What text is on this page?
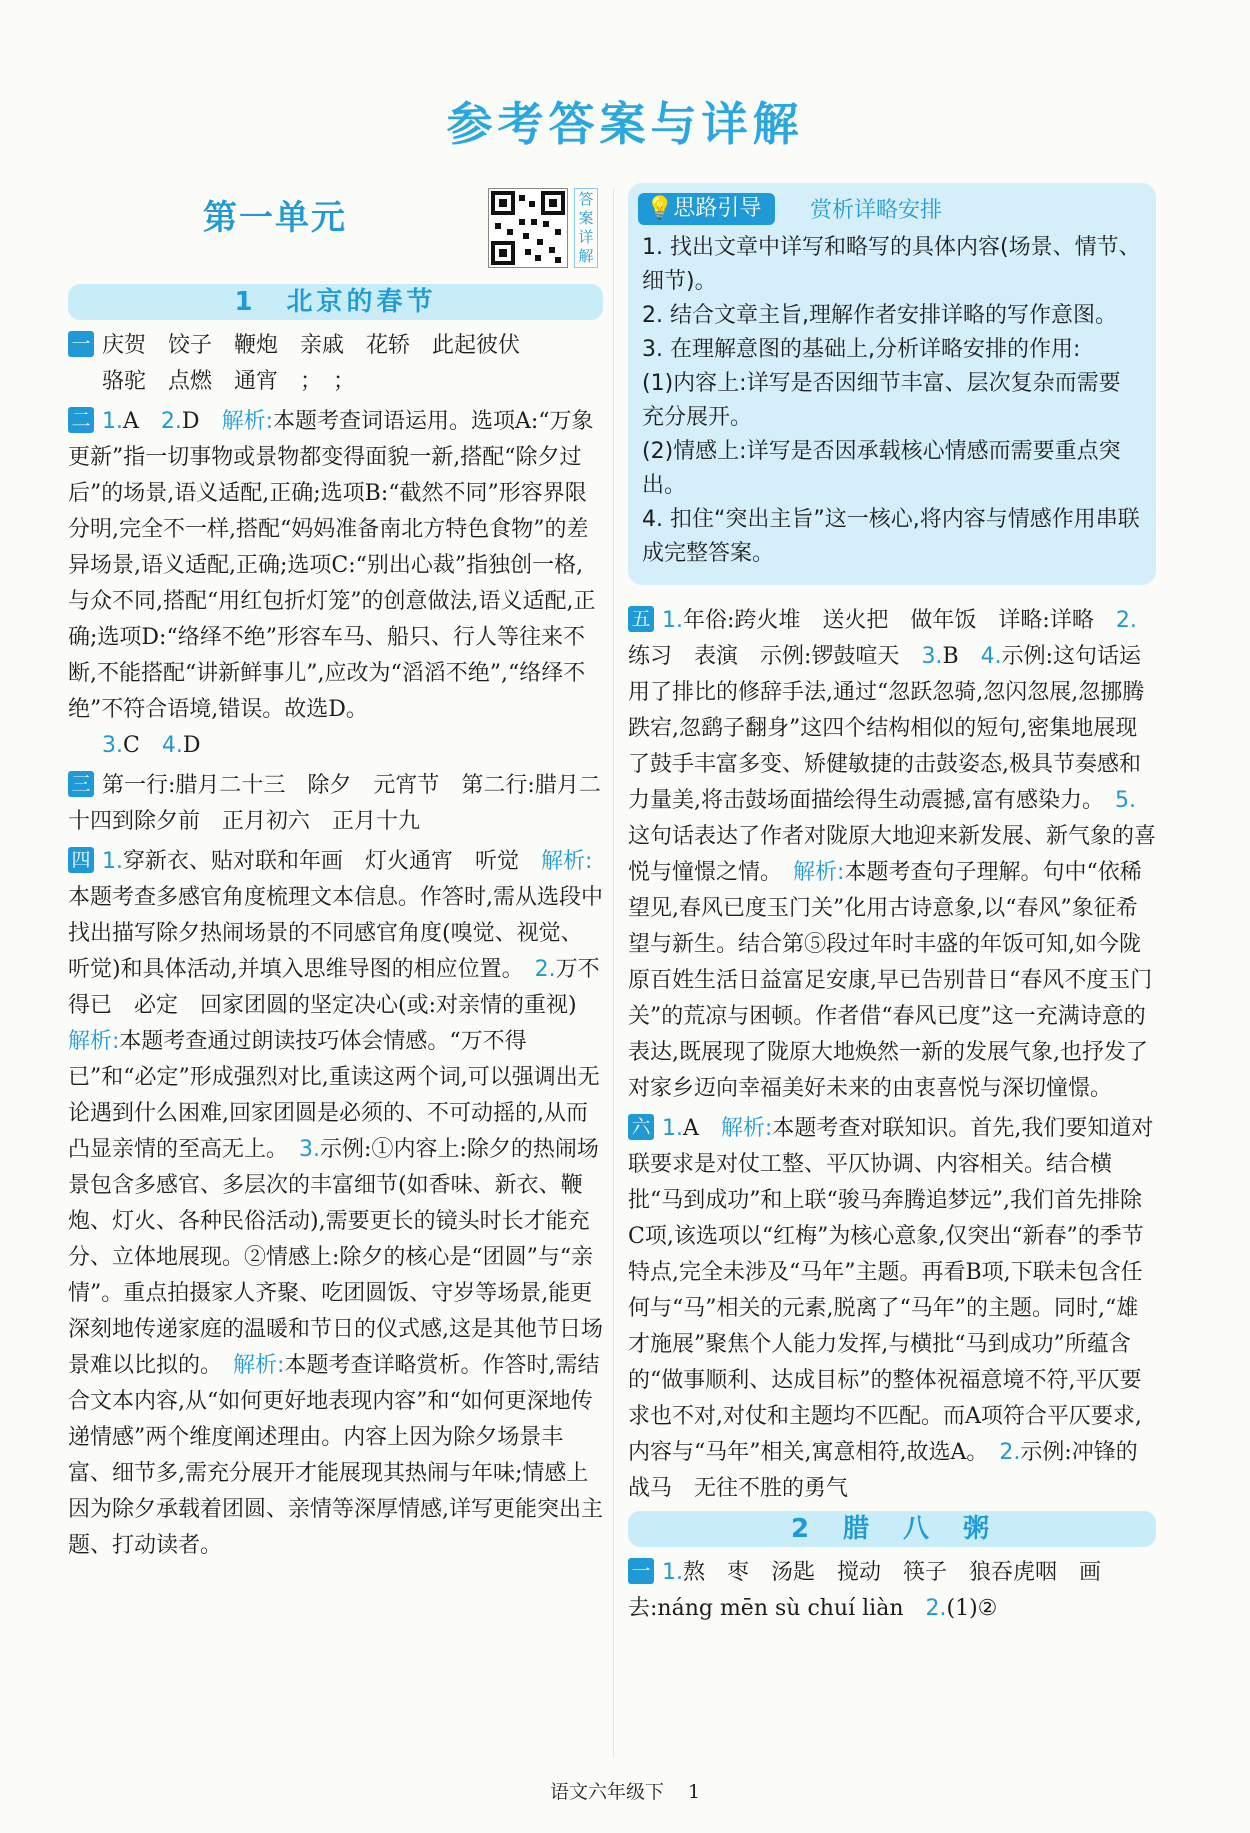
参考答案与详解
第一单元	答案详解
1　北京的春节
一 庆贺　饺子　鞭炮　亲戚　花轿　此起彼伏
骆驼　点燃　通宵　；　；
二 1.A　 2.D　 解析:本题考查词语运用。选项A:“万象更新”指一切事物或景物都变得面貌一新,搭配“除夕过后”的场景,语义适配,正确;选项B:“截然不同”形容界限分明,完全不一样,搭配“妈妈准备南北方特色食物”的差异场景,语义适配,正确;选项C:“别出心裁”指独创一格,与众不同,搭配“用红包折灯笼”的创意做法,语义适配,正确;选项D:“络绎不绝”形容车马、船只、行人等往来不断,不能搭配“讲新鲜事儿”,应改为“滔滔不绝”,“络绎不绝”不符合语境,错误。故选D。
3.C　 4.D
三 第一行:腊月二十三　除夕　元宵节　第二行:腊月二十四到除夕前　正月初六　正月十九
四 1.穿新衣、贴对联和年画　灯火通宵　听觉　 解析:本题考查多感官角度梳理文本信息。作答时,需从选段中找出描写除夕热闹场景的不同感官角度(嗅觉、视觉、听觉)和具体活动,并填入思维导图的相应位置。　 2.万不得已　必定　回家团圆的坚定决心(或:对亲情的重视)　解析:本题考查通过朗读技巧体会情感。“万不得已”和“必定”形成强烈对比,重读这两个词,可以强调出无论遇到什么困难,回家团圆是必须的、不可动摇的,从而凸显亲情的至高无上。　 3.示例:①内容上:除夕的热闹场景包含多感官、多层次的丰富细节(如香味、新衣、鞭炮、灯火、各种民俗活动),需要更长的镜头时长才能充分、立体地展现。②情感上:除夕的核心是“团圆”与“亲情”。重点拍摄家人齐聚、吃团圆饭、守岁等场景,能更深刻地传递家庭的温暖和节日的仪式感,这是其他节日场景难以比拟的。　 解析:本题考查详略赏析。作答时,需结合文本内容,从“如何更好地表现内容”和“如何更深地传递情感”两个维度阐述理由。内容上因为除夕场景丰富、细节多,需充分展开才能展现其热闹与年味;情感上因为除夕承载着团圆、亲情等深厚情感,详写更能突出主题、打动读者。
💡思路引导	赏析详略安排
1. 找出文章中详写和略写的具体内容(场景、情节、细节)。
2. 结合文章主旨,理解作者安排详略的写作意图。
3. 在理解意图的基础上,分析详略安排的作用:
(1)内容上:详写是否因细节丰富、层次复杂而需要充分展开。
(2)情感上:详写是否因承载核心情感而需要重点突出。
4. 扣住“突出主旨”这一核心,将内容与情感作用串联成完整答案。
五 1.年俗:跨火堆　送火把　做年饭　详略:详略　 2.练习　表演　示例:锣鼓喧天　 3.B　 4.示例:这句话运用了排比的修辞手法,通过“忽跃忽骑,忽闪忽展,忽挪腾跌宕,忽鹞子翻身”这四个结构相似的短句,密集地展现了鼓手丰富多变、矫健敏捷的击鼓姿态,极具节奏感和力量美,将击鼓场面描绘得生动震撼,富有感染力。　 5.这句话表达了作者对陇原大地迎来新发展、新气象的喜悦与憧憬之情。　 解析:本题考查句子理解。句中“依稀望见,春风已度玉门关”化用古诗意象,以“春风”象征希望与新生。结合第⑤段过年时丰盛的年饭可知,如今陇原百姓生活日益富足安康,早已告别昔日“春风不度玉门关”的荒凉与困顿。作者借“春风已度”这一充满诗意的表达,既展现了陇原大地焕然一新的发展气象,也抒发了对家乡迈向幸福美好未来的由衷喜悦与深切憧憬。
六 1.A　 解析:本题考查对联知识。首先,我们要知道对联要求是对仗工整、平仄协调、内容相关。结合横批“马到成功”和上联“骏马奔腾追梦远”,我们首先排除C项,该选项以“红梅”为核心意象,仅突出“新春”的季节特点,完全未涉及“马年”主题。再看B项,下联未包含任何与“马”相关的元素,脱离了“马年”的主题。同时,“雄才施展”聚焦个人能力发挥,与横批“马到成功”所蕴含的“做事顺利、达成目标”的整体祝福意境不符,平仄要求也不对,对仗和主题均不匹配。而A项符合平仄要求,内容与“马年”相关,寓意相符,故选A。　 2.示例:冲锋的战马　无往不胜的勇气
2　腊　八　粥
一 1.熬　枣　汤匙　搅动　筷子　狼吞虎咽　画去:náng mēn sù chuí liàn　 2.(1)②
语文六年级下 1
